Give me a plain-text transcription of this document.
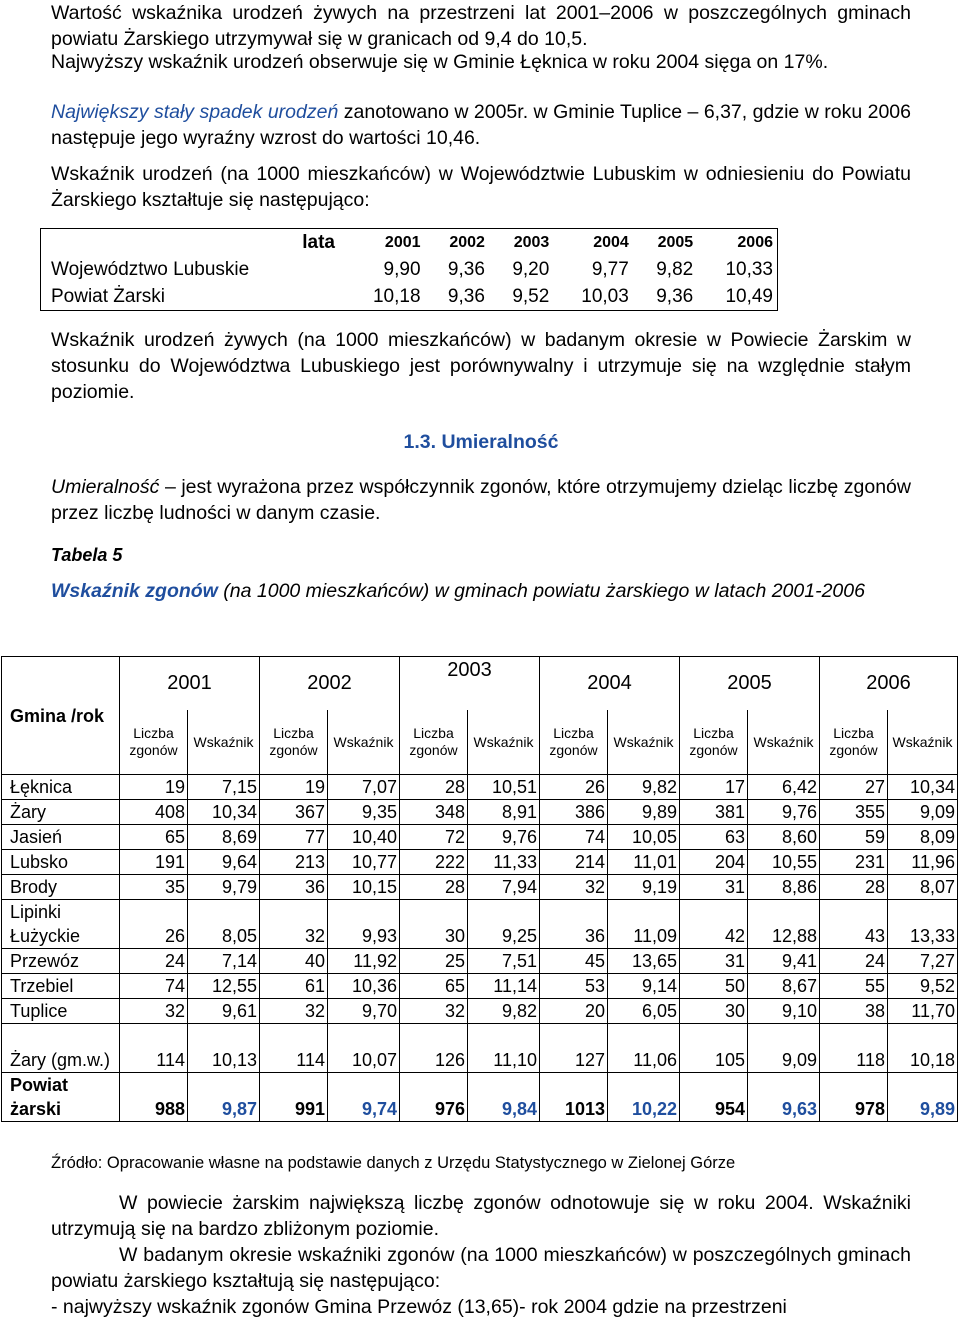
Wartość wskaźnika urodzeń żywych na przestrzeni lat 2001–2006 w poszczególnych gminach powiatu Żarskiego utrzymywał się w granicach od 9,4 do 10,5.

Najwyższy wskaźnik urodzeń obserwuje się w Gminie Łęknica w roku 2004 sięga on 17%.

Największy stały spadek urodzeń zanotowano w 2005r. w Gminie Tuplice – 6,37, gdzie w roku 2006 następuje jego wyraźny wzrost do wartości 10,46.

Wskaźnik urodzeń (na 1000 mieszkańców) w Województwie Lubuskim w odniesieniu do Powiatu Żarskiego kształtuje się następująco:

lata	2001	2002	2003	2004	2005	2006
Województwo Lubuskie	9,90	9,36	9,20	9,77	9,82	10,33
Powiat Żarski	10,18	9,36	9,52	10,03	9,36	10,49

Wskaźnik urodzeń żywych (na 1000 mieszkańców) w badanym okresie w Powiecie Żarskim w stosunku do Województwa Lubuskiego jest porównywalny i utrzymuje się na względnie stałym poziomie.

1.3. Umieralność

Umieralność – jest wyrażona przez współczynnik zgonów, które otrzymujemy dzieląc liczbę zgonów przez liczbę ludności w danym czasie.

Tabela 5

Wskaźnik zgonów (na 1000 mieszkańców) w gminach powiatu żarskiego w latach 2001-2006

Gmina /rok	2001		2002		2003		2004		2005		2006	
	Liczba zgonów	Wskaźnik	Liczba zgonów	Wskaźnik	Liczba zgonów	Wskaźnik	Liczba zgonów	Wskaźnik	Liczba zgonów	Wskaźnik	Liczba zgonów	Wskaźnik
Łęknica	19	7,15	19	7,07	28	10,51	26	9,82	17	6,42	27	10,34
Żary	408	10,34	367	9,35	348	8,91	386	9,89	381	9,76	355	9,09
Jasień	65	8,69	77	10,40	72	9,76	74	10,05	63	8,60	59	8,09
Lubsko	191	9,64	213	10,77	222	11,33	214	11,01	204	10,55	231	11,96
Brody	35	9,79	36	10,15	28	7,94	32	9,19	31	8,86	28	8,07
Lipinki Łużyckie	26	8,05	32	9,93	30	9,25	36	11,09	42	12,88	43	13,33
Przewóz	24	7,14	40	11,92	25	7,51	45	13,65	31	9,41	24	7,27
Trzebiel	74	12,55	61	10,36	65	11,14	53	9,14	50	8,67	55	9,52
Tuplice	32	9,61	32	9,70	32	9,82	20	6,05	30	9,10	38	11,70
Żary (gm.w.)	114	10,13	114	10,07	126	11,10	127	11,06	105	9,09	118	10,18
Powiat żarski	988	9,87	991	9,74	976	9,84	1013	10,22	954	9,63	978	9,89

Źródło: Opracowanie własne na podstawie danych z Urzędu Statystycznego w Zielonej Górze

W powiecie żarskim największą liczbę zgonów odnotowuje się w roku 2004. Wskaźniki utrzymują się na bardzo zbliżonym poziomie.

W badanym okresie wskaźniki zgonów (na 1000 mieszkańców) w poszczególnych gminach powiatu żarskiego kształtują się następująco:

- najwyższy wskaźnik zgonów Gmina Przewóz (13,65)- rok 2004 gdzie na przestrzeni
